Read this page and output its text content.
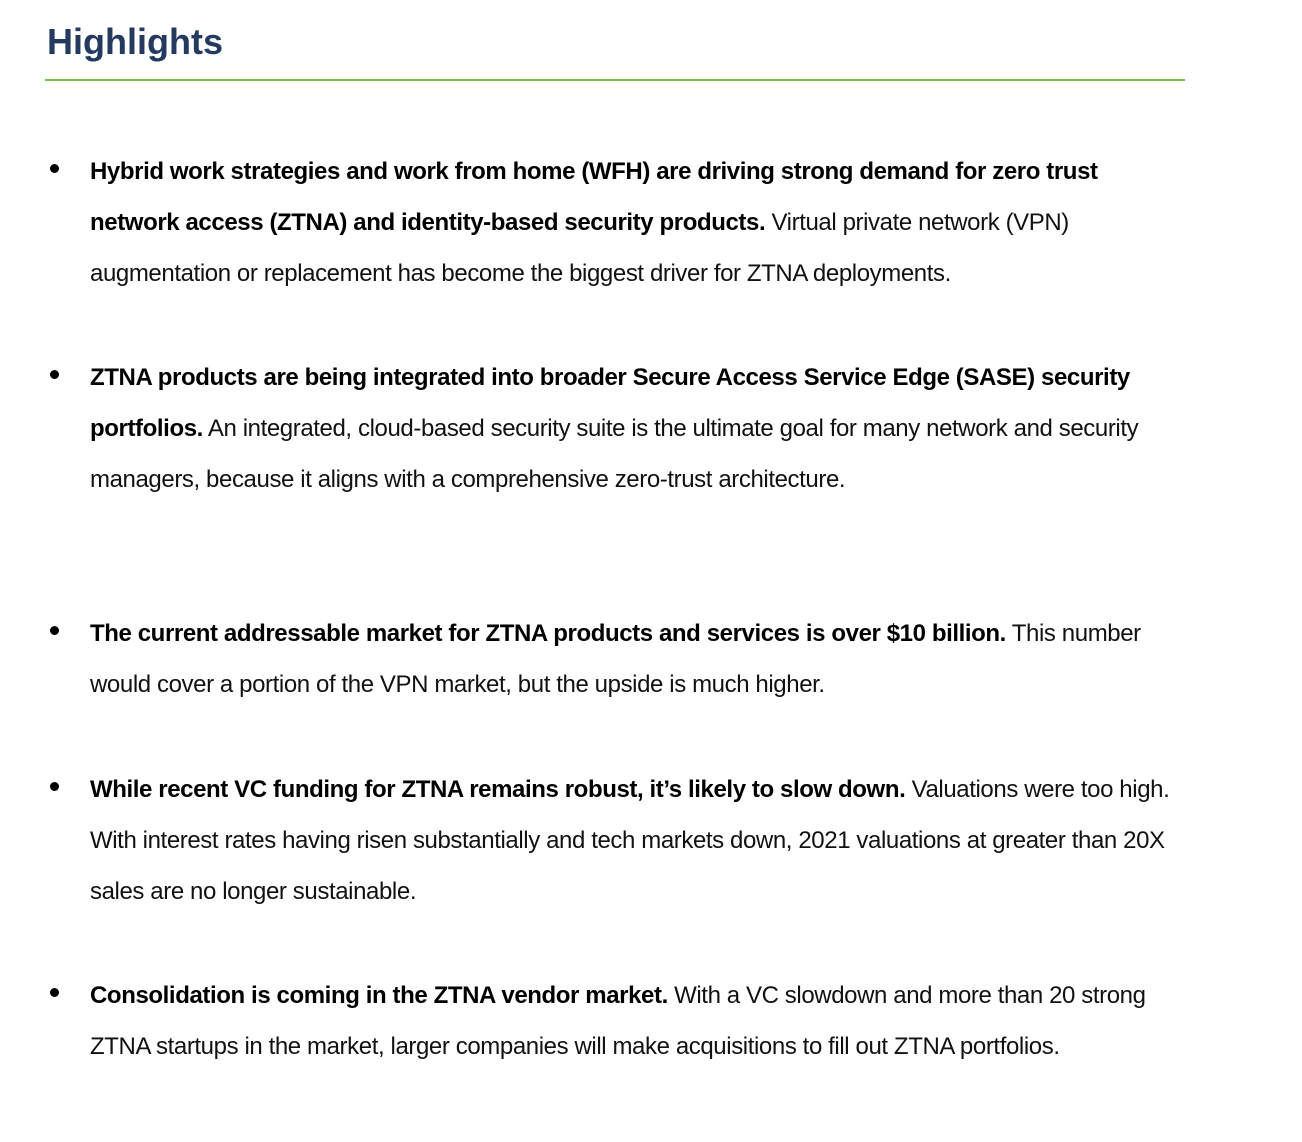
Highlights

Hybrid work strategies and work from home (WFH) are driving strong demand for zero trust network access (ZTNA) and identity-based security products. Virtual private network (VPN) augmentation or replacement has become the biggest driver for ZTNA deployments.

ZTNA products are being integrated into broader Secure Access Service Edge (SASE) security portfolios. An integrated, cloud-based security suite is the ultimate goal for many network and security managers, because it aligns with a comprehensive zero-trust architecture.

The current addressable market for ZTNA products and services is over $10 billion. This number would cover a portion of the VPN market, but the upside is much higher.

While recent VC funding for ZTNA remains robust, it’s likely to slow down. Valuations were too high. With interest rates having risen substantially and tech markets down, 2021 valuations at greater than 20X sales are no longer sustainable.

Consolidation is coming in the ZTNA vendor market. With a VC slowdown and more than 20 strong ZTNA startups in the market, larger companies will make acquisitions to fill out ZTNA portfolios.
